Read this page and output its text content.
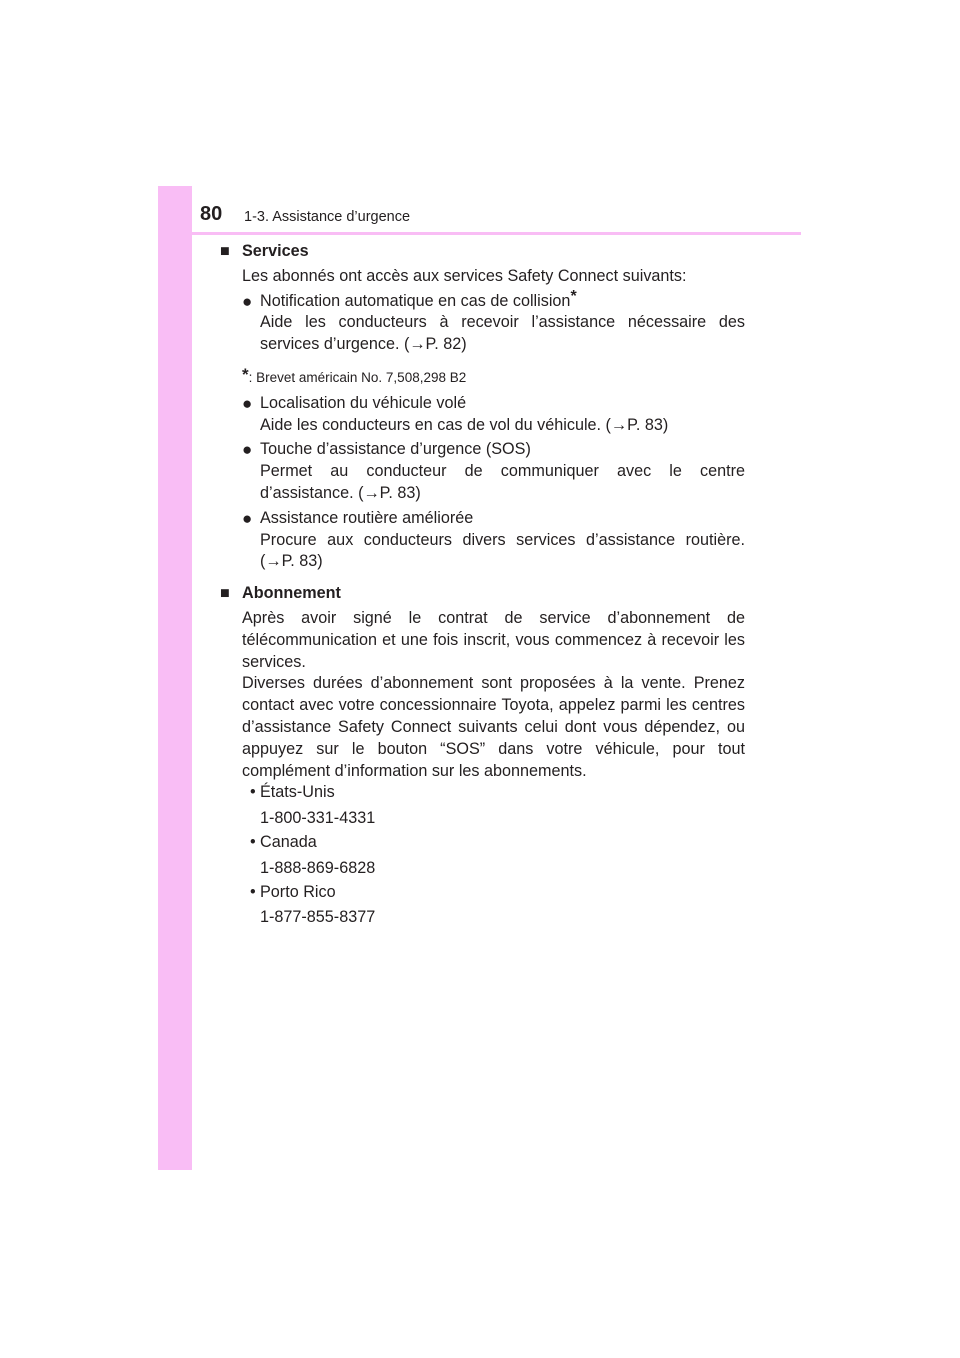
80 1-3. Assistance d’urgence
■ Services
Les abonnés ont accès aux services Safety Connect suivants:
● Notification automatique en cas de collision*
Aide les conducteurs à recevoir l’assistance nécessaire des services d’urgence. (→P. 82)
*: Brevet américain No. 7,508,298 B2
● Localisation du véhicule volé
Aide les conducteurs en cas de vol du véhicule. (→P. 83)
● Touche d’assistance d’urgence (SOS)
Permet au conducteur de communiquer avec le centre d’assistance. (→P. 83)
● Assistance routière améliorée
Procure aux conducteurs divers services d’assistance routière. (→P. 83)
■ Abonnement
Après avoir signé le contrat de service d’abonnement de télécommunication et une fois inscrit, vous commencez à recevoir les services.
Diverses durées d’abonnement sont proposées à la vente. Prenez contact avec votre concessionnaire Toyota, appelez parmi les centres d’assistance Safety Connect suivants celui dont vous dépendez, ou appuyez sur le bouton “SOS” dans votre véhicule, pour tout complément d’information sur les abonnements.
• États-Unis
1-800-331-4331
• Canada
1-888-869-6828
• Porto Rico
1-877-855-8377
